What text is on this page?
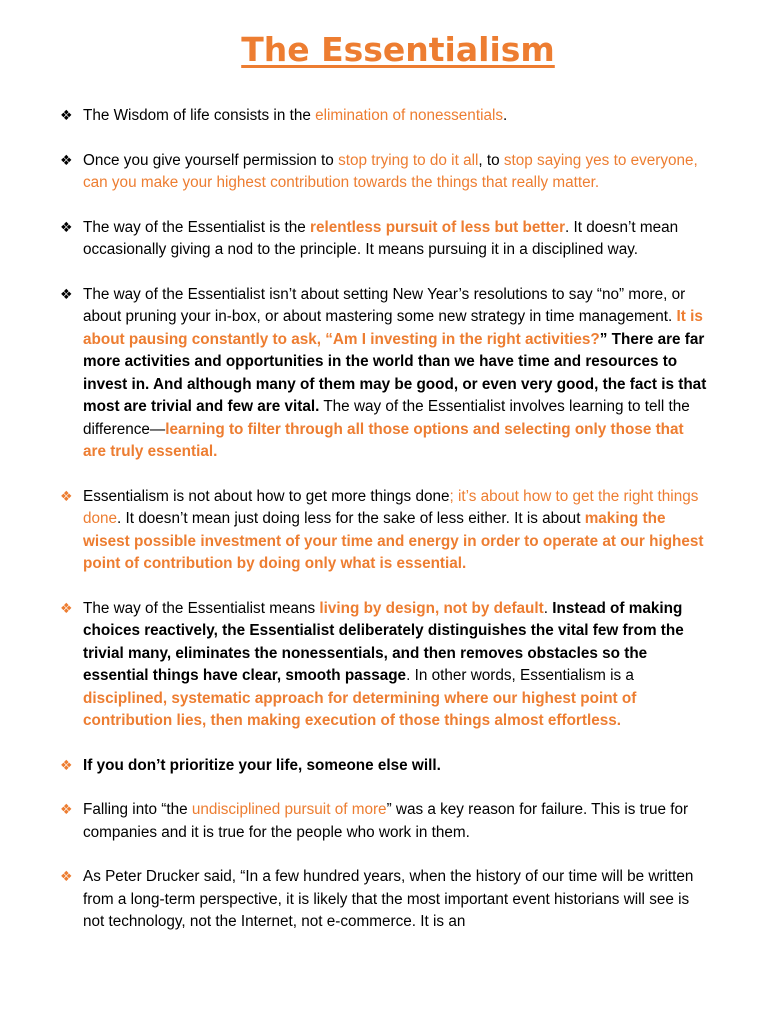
The Essentialism
❖ The Wisdom of life consists in the elimination of nonessentials.
❖ Once you give yourself permission to stop trying to do it all, to stop saying yes to everyone, can you make your highest contribution towards the things that really matter.
❖ The way of the Essentialist is the relentless pursuit of less but better. It doesn’t mean occasionally giving a nod to the principle. It means pursuing it in a disciplined way.
❖ The way of the Essentialist isn’t about setting New Year’s resolutions to say “no” more, or about pruning your in-box, or about mastering some new strategy in time management. It is about pausing constantly to ask, “Am I investing in the right activities?” There are far more activities and opportunities in the world than we have time and resources to invest in. And although many of them may be good, or even very good, the fact is that most are trivial and few are vital. The way of the Essentialist involves learning to tell the difference—learning to filter through all those options and selecting only those that are truly essential.
❖ Essentialism is not about how to get more things done; it’s about how to get the right things done. It doesn’t mean just doing less for the sake of less either. It is about making the wisest possible investment of your time and energy in order to operate at our highest point of contribution by doing only what is essential.
❖ The way of the Essentialist means living by design, not by default. Instead of making choices reactively, the Essentialist deliberately distinguishes the vital few from the trivial many, eliminates the nonessentials, and then removes obstacles so the essential things have clear, smooth passage. In other words, Essentialism is a disciplined, systematic approach for determining where our highest point of contribution lies, then making execution of those things almost effortless.
❖ If you don’t prioritize your life, someone else will.
❖ Falling into “the undisciplined pursuit of more” was a key reason for failure. This is true for companies and it is true for the people who work in them.
❖ As Peter Drucker said, “In a few hundred years, when the history of our time will be written from a long-term perspective, it is likely that the most important event historians will see is not technology, not the Internet, not e-commerce. It is an
